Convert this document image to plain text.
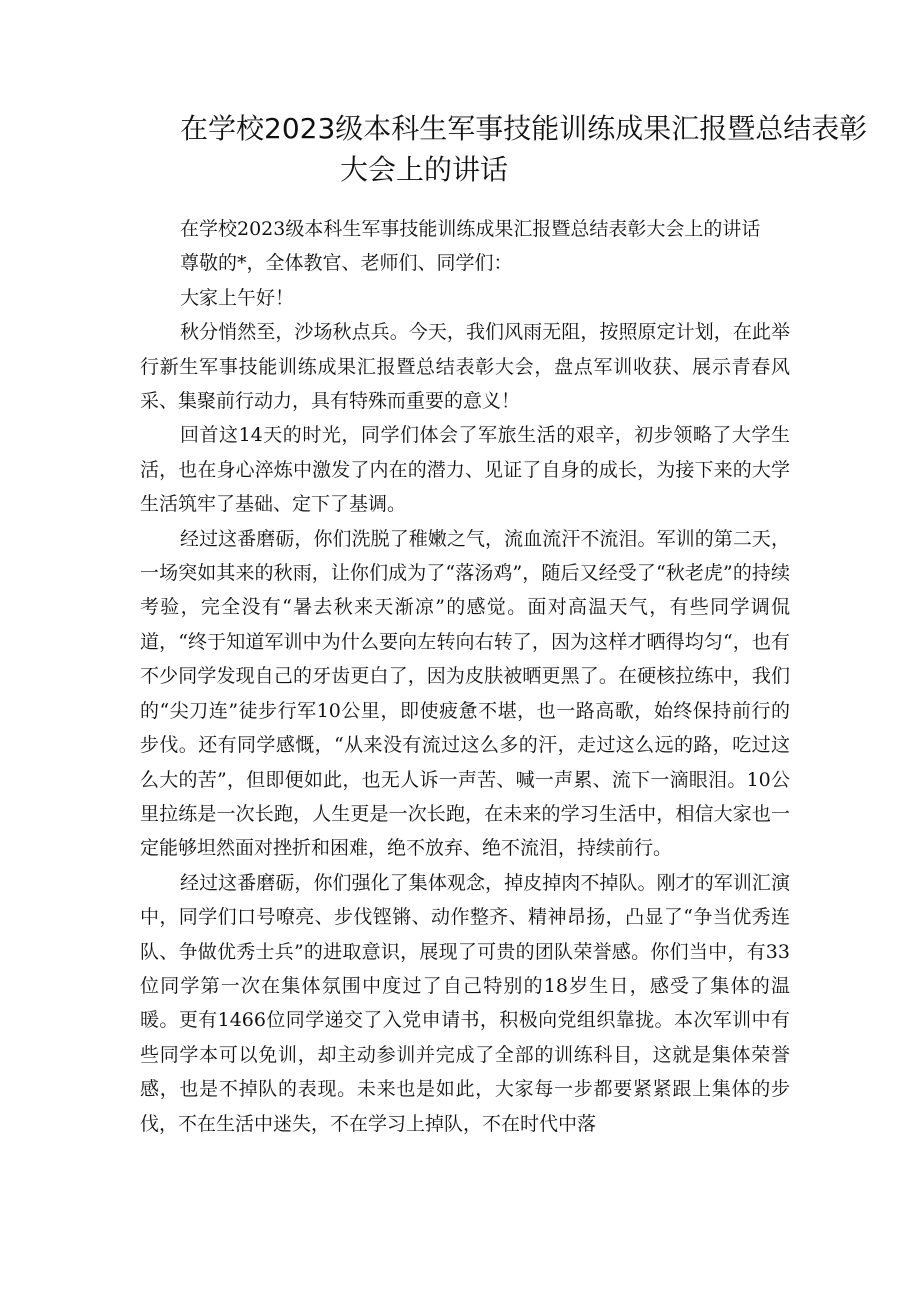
在学校2023级本科生军事技能训练成果汇报暨总结表彰
大会上的讲话

在学校2023级本科生军事技能训练成果汇报暨总结表彰大会上的讲话

尊敬的*，全体教官、老师们、同学们：

大家上午好！

秋分悄然至，沙场秋点兵。今天，我们风雨无阻，按照原定计划，在此举行新生军事技能训练成果汇报暨总结表彰大会，盘点军训收获、展示青春风采、集聚前行动力，具有特殊而重要的意义！

回首这14天的时光，同学们体会了军旅生活的艰辛，初步领略了大学生活，也在身心淬炼中激发了内在的潜力、见证了自身的成长，为接下来的大学生活筑牢了基础、定下了基调。

经过这番磨砺，你们洗脱了稚嫩之气，流血流汗不流泪。军训的第二天，一场突如其来的秋雨，让你们成为了“落汤鸡”，随后又经受了“秋老虎”的持续考验，完全没有“暑去秋来天渐凉”的感觉。面对高温天气，有些同学调侃道，“终于知道军训中为什么要向左转向右转了，因为这样才晒得均匀“，也有不少同学发现自己的牙齿更白了，因为皮肤被晒更黑了。在硬核拉练中，我们的“尖刀连”徒步行军10公里，即使疲惫不堪，也一路高歌，始终保持前行的步伐。还有同学感慨，“从来没有流过这么多的汗，走过这么远的路，吃过这么大的苦”，但即便如此，也无人诉一声苦、喊一声累、流下一滴眼泪。10公里拉练是一次长跑，人生更是一次长跑，在未来的学习生活中，相信大家也一定能够坦然面对挫折和困难，绝不放弃、绝不流泪，持续前行。

经过这番磨砺，你们强化了集体观念，掉皮掉肉不掉队。刚才的军训汇演中，同学们口号嘹亮、步伐铿锵、动作整齐、精神昂扬，凸显了“争当优秀连队、争做优秀士兵”的进取意识，展现了可贵的团队荣誉感。你们当中，有33位同学第一次在集体氛围中度过了自己特别的18岁生日，感受了集体的温暖。更有1466位同学递交了入党申请书，积极向党组织靠拢。本次军训中有些同学本可以免训，却主动参训并完成了全部的训练科目，这就是集体荣誉感，也是不掉队的表现。未来也是如此，大家每一步都要紧紧跟上集体的步伐，不在生活中迷失，不在学习上掉队，不在时代中落
